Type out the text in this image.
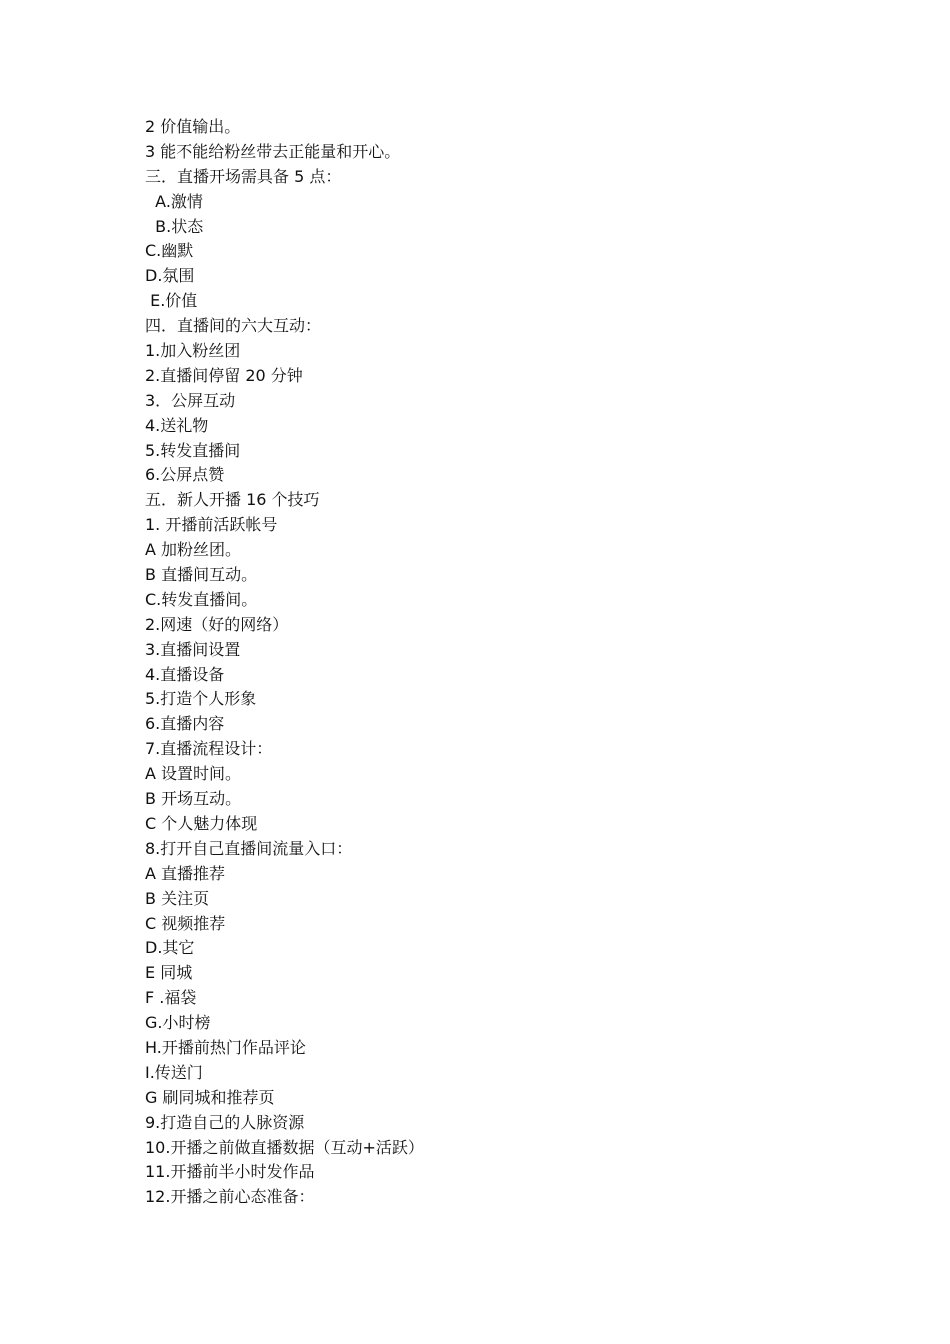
2 价值输出。
3 能不能给粉丝带去正能量和开心。
三．直播开场需具备 5 点：
A.激情
B.状态
C.幽默
D.氛围
E.价值
四．直播间的六大互动：
1.加入粉丝团
2.直播间停留 20 分钟
3．公屏互动
4.送礼物
5.转发直播间
6.公屏点赞
五．新人开播 16 个技巧
1. 开播前活跃帐号
A 加粉丝团。
B 直播间互动。
C.转发直播间。
2.网速（好的网络）
3.直播间设置
4.直播设备
5.打造个人形象
6.直播内容
7.直播流程设计：
A 设置时间。
B 开场互动。
C 个人魅力体现
8.打开自己直播间流量入口：
A 直播推荐
B 关注页
C 视频推荐
D.其它
E 同城
F .福袋
G.小时榜
H.开播前热门作品评论
I.传送门
G 刷同城和推荐页
9.打造自己的人脉资源
10.开播之前做直播数据（互动+活跃）
11.开播前半小时发作品
12.开播之前心态准备：
